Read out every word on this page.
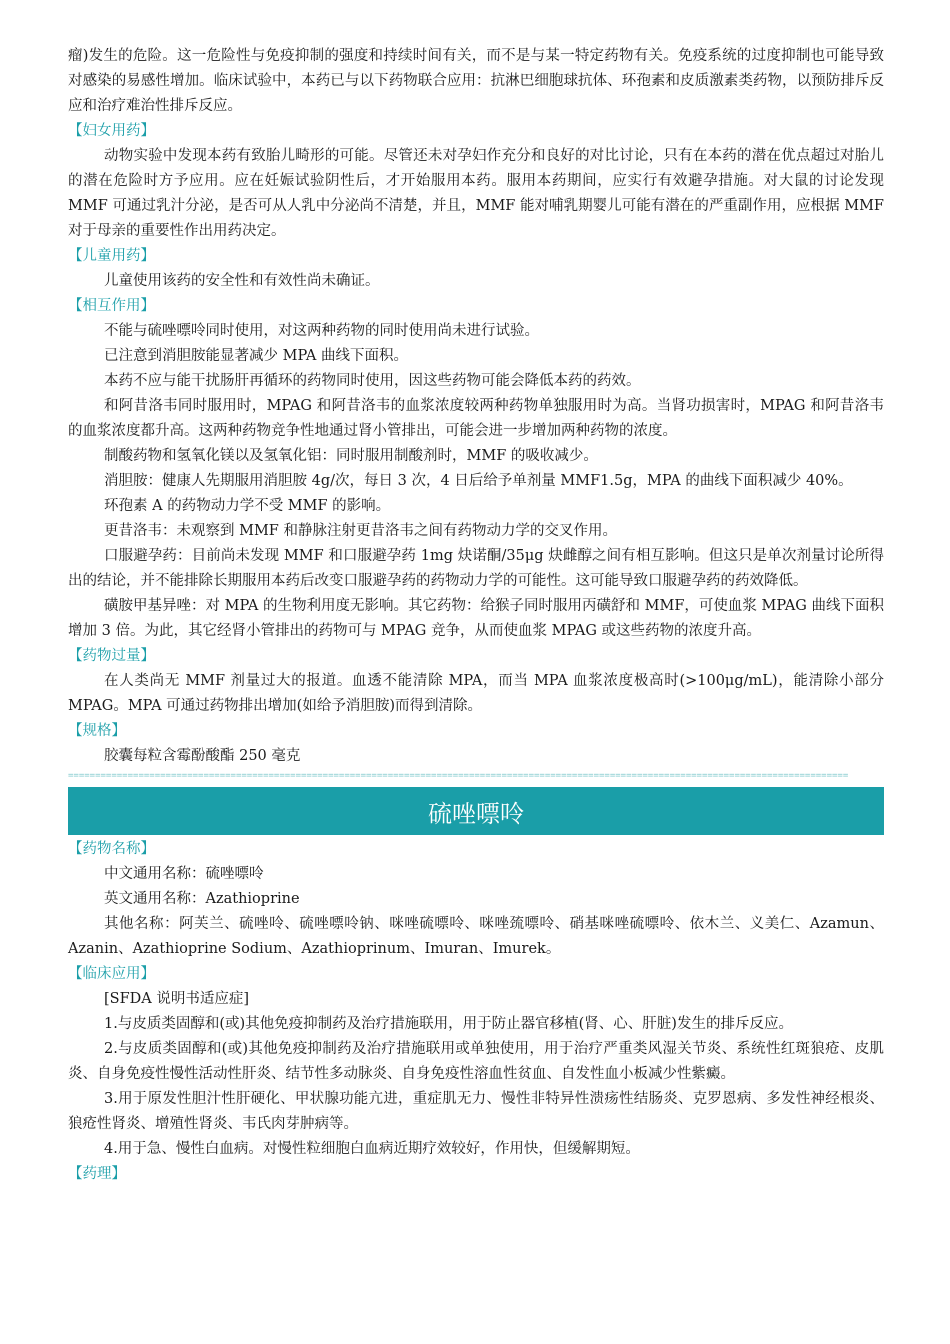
瘤)发生的危险。这一危险性与免疫抑制的强度和持续时间有关，而不是与某一特定药物有关。免疫系统的过度抑制也可能导致对感染的易感性增加。临床试验中，本药已与以下药物联合应用：抗淋巴细胞球抗体、环孢素和皮质激素类药物，以预防排斥反应和治疗难治性排斥反应。

【妇女用药】

动物实验中发现本药有致胎儿畸形的可能。尽管还未对孕妇作充分和良好的对比讨论，只有在本药的潜在优点超过对胎儿的潜在危险时方予应用。应在妊娠试验阴性后，才开始服用本药。服用本药期间，应实行有效避孕措施。对大鼠的讨论发现 MMF 可通过乳汁分泌，是否可从人乳中分泌尚不清楚，并且，MMF 能对哺乳期婴儿可能有潜在的严重副作用，应根据 MMF 对于母亲的重要性作出用药决定。

【儿童用药】

儿童使用该药的安全性和有效性尚未确证。

【相互作用】

不能与硫唑嘌呤同时使用，对这两种药物的同时使用尚未进行试验。

已注意到消胆胺能显著减少 MPA 曲线下面积。

本药不应与能干扰肠肝再循环的药物同时使用，因这些药物可能会降低本药的药效。

和阿昔洛韦同时服用时，MPAG 和阿昔洛韦的血浆浓度较两种药物单独服用时为高。当肾功损害时，MPAG 和阿昔洛韦的血浆浓度都升高。这两种药物竞争性地通过肾小管排出，可能会进一步增加两种药物的浓度。

制酸药物和氢氧化镁以及氢氧化铝：同时服用制酸剂时，MMF 的吸收减少。

消胆胺：健康人先期服用消胆胺 4g/次，每日 3 次，4 日后给予单剂量 MMF1.5g，MPA 的曲线下面积减少 40%。

环孢素 A 的药物动力学不受 MMF 的影响。

更昔洛韦：未观察到 MMF 和静脉注射更昔洛韦之间有药物动力学的交叉作用。

口服避孕药：目前尚未发现 MMF 和口服避孕药 1mg 炔诺酮/35μg 炔雌醇之间有相互影响。但这只是单次剂量讨论所得出的结论，并不能排除长期服用本药后改变口服避孕药的药物动力学的可能性。这可能导致口服避孕药的药效降低。

磺胺甲基异唑：对 MPA 的生物利用度无影响。其它药物：给猴子同时服用丙磺舒和 MMF，可使血浆 MPAG 曲线下面积增加 3 倍。为此，其它经肾小管排出的药物可与 MPAG 竞争，从而使血浆 MPAG 或这些药物的浓度升高。

【药物过量】

在人类尚无 MMF 剂量过大的报道。血透不能清除 MPA，而当 MPA 血浆浓度极高时(>100μg/mL)，能清除小部分 MPAG。MPA 可通过药物排出增加(如给予消胆胺)而得到清除。

【规格】

胶囊每粒含霉酚酸酯 250 毫克

================================================================================================================================================
硫唑嘌呤

【药物名称】

中文通用名称：硫唑嘌呤

英文通用名称：Azathioprine

其他名称：阿芙兰、硫唑呤、硫唑嘌呤钠、咪唑硫嘌呤、咪唑巯嘌呤、硝基咪唑硫嘌呤、依木兰、义美仁、Azamun、Azanin、Azathioprine Sodium、Azathioprinum、Imuran、Imurek。

【临床应用】

[SFDA 说明书适应症]

1.与皮质类固醇和(或)其他免疫抑制药及治疗措施联用，用于防止器官移植(肾、心、肝脏)发生的排斥反应。

2.与皮质类固醇和(或)其他免疫抑制药及治疗措施联用或单独使用，用于治疗严重类风湿关节炎、系统性红斑狼疮、皮肌炎、自身免疫性慢性活动性肝炎、结节性多动脉炎、自身免疫性溶血性贫血、自发性血小板减少性紫癜。

3.用于原发性胆汁性肝硬化、甲状腺功能亢进，重症肌无力、慢性非特异性溃疡性结肠炎、克罗恩病、多发性神经根炎、狼疮性肾炎、增殖性肾炎、韦氏肉芽肿病等。

4.用于急、慢性白血病。对慢性粒细胞白血病近期疗效较好，作用快，但缓解期短。

【药理】
